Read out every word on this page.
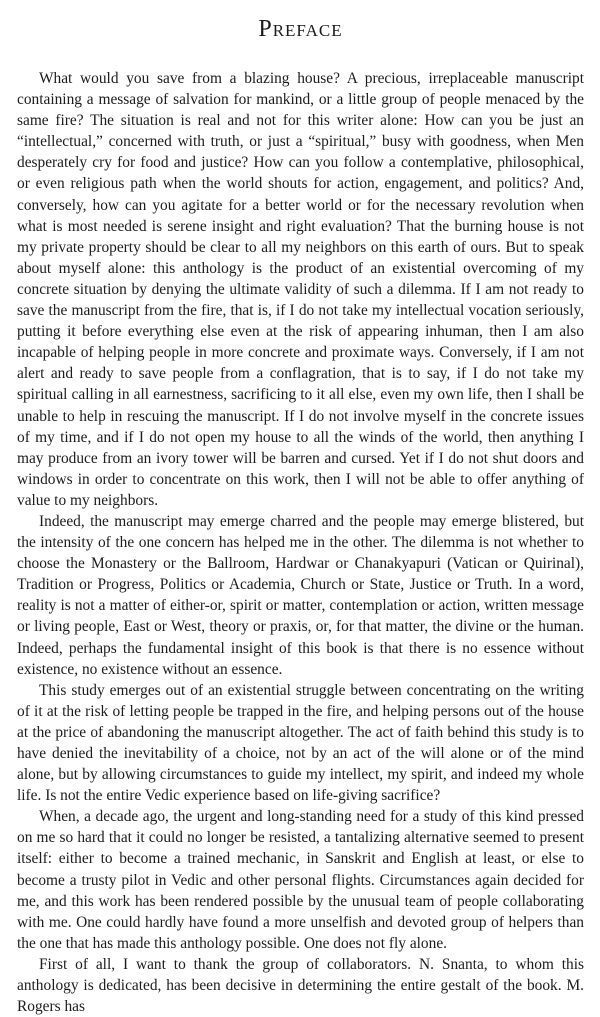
Preface

What would you save from a blazing house? A precious, irreplaceable manuscript containing a message of salvation for mankind, or a little group of people menaced by the same fire? The situation is real and not for this writer alone: How can you be just an “intellectual,” concerned with truth, or just a “spiritual,” busy with goodness, when Men desperately cry for food and justice? How can you follow a contemplative, philosophical, or even religious path when the world shouts for action, engagement, and politics? And, conversely, how can you agitate for a better world or for the necessary revolution when what is most needed is serene insight and right evaluation? That the burning house is not my private property should be clear to all my neighbors on this earth of ours. But to speak about myself alone: this anthology is the product of an existential overcoming of my concrete situation by denying the ultimate validity of such a dilemma. If I am not ready to save the manuscript from the fire, that is, if I do not take my intellectual vocation seriously, putting it before everything else even at the risk of appearing inhuman, then I am also incapable of helping people in more concrete and proximate ways. Conversely, if I am not alert and ready to save people from a conflagration, that is to say, if I do not take my spiritual calling in all earnestness, sacrificing to it all else, even my own life, then I shall be unable to help in rescuing the manuscript. If I do not involve myself in the concrete issues of my time, and if I do not open my house to all the winds of the world, then anything I may produce from an ivory tower will be barren and cursed. Yet if I do not shut doors and windows in order to concentrate on this work, then I will not be able to offer anything of value to my neighbors.

Indeed, the manuscript may emerge charred and the people may emerge blistered, but the intensity of the one concern has helped me in the other. The dilemma is not whether to choose the Monastery or the Ballroom, Hardwar or Chanakyapuri (Vatican or Quirinal), Tradition or Progress, Politics or Academia, Church or State, Justice or Truth. In a word, reality is not a matter of either-or, spirit or matter, contemplation or action, written message or living people, East or West, theory or praxis, or, for that matter, the divine or the human. Indeed, perhaps the fundamental insight of this book is that there is no essence without existence, no existence without an essence.

This study emerges out of an existential struggle between concentrating on the writing of it at the risk of letting people be trapped in the fire, and helping persons out of the house at the price of abandoning the manuscript altogether. The act of faith behind this study is to have denied the inevitability of a choice, not by an act of the will alone or of the mind alone, but by allowing circumstances to guide my intellect, my spirit, and indeed my whole life. Is not the entire Vedic experience based on life-giving sacrifice?

When, a decade ago, the urgent and long-standing need for a study of this kind pressed on me so hard that it could no longer be resisted, a tantalizing alternative seemed to present itself: either to become a trained mechanic, in Sanskrit and English at least, or else to become a trusty pilot in Vedic and other personal flights. Circumstances again decided for me, and this work has been rendered possible by the unusual team of people collaborating with me. One could hardly have found a more unselfish and devoted group of helpers than the one that has made this anthology possible. One does not fly alone.

First of all, I want to thank the group of collaborators. N. Snanta, to whom this anthology is dedicated, has been decisive in determining the entire gestalt of the book. M. Rogers has
